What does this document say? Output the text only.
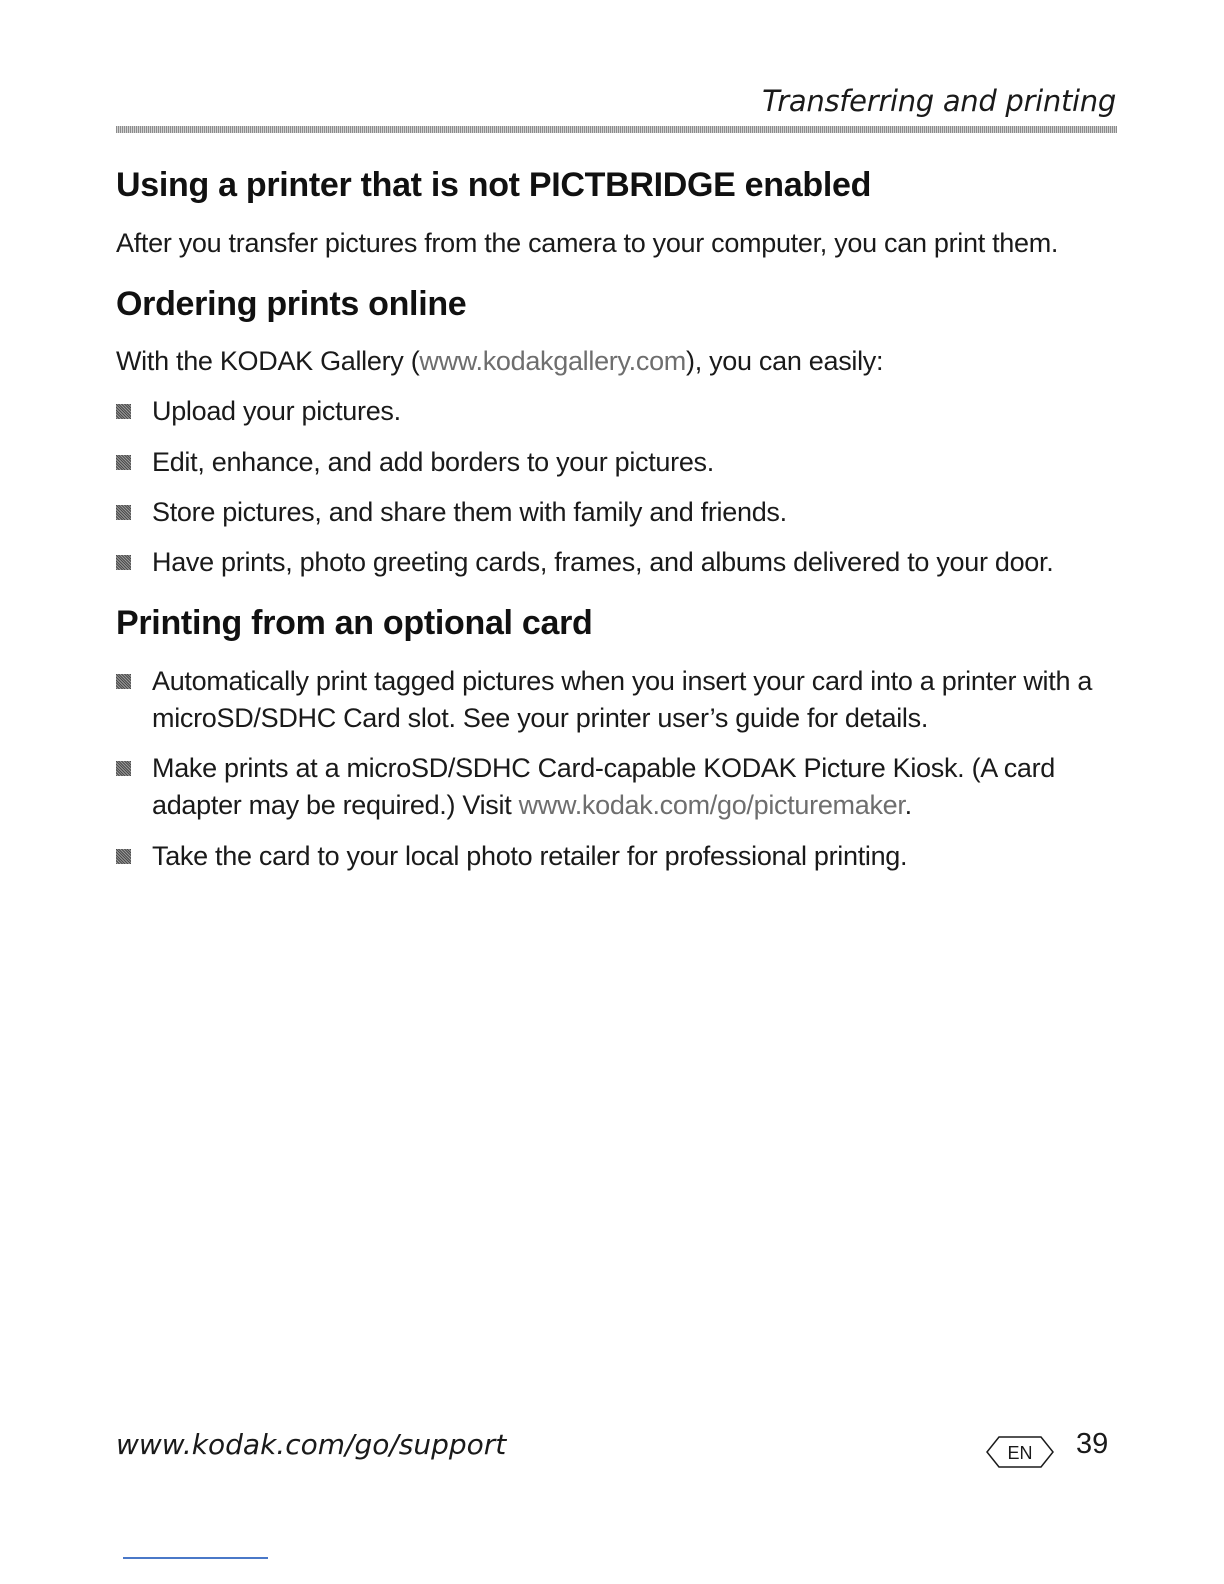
Transferring and printing
Using a printer that is not PICTBRIDGE enabled

After you transfer pictures from the camera to your computer, you can print them.

Ordering prints online

With the KODAK Gallery (www.kodakgallery.com), you can easily:

Upload your pictures.

Edit, enhance, and add borders to your pictures.

Store pictures, and share them with family and friends.

Have prints, photo greeting cards, frames, and albums delivered to your door.

Printing from an optional card

Automatically print tagged pictures when you insert your card into a printer with a

microSD/SDHC Card slot. See your printer user’s guide for details.

Make prints at a microSD/SDHC Card-capable KODAK Picture Kiosk. (A card

adapter may be required.) Visit www.kodak.com/go/picturemaker.

Take the card to your local photo retailer for professional printing.

www.kodak.com/go/support	EN 39
